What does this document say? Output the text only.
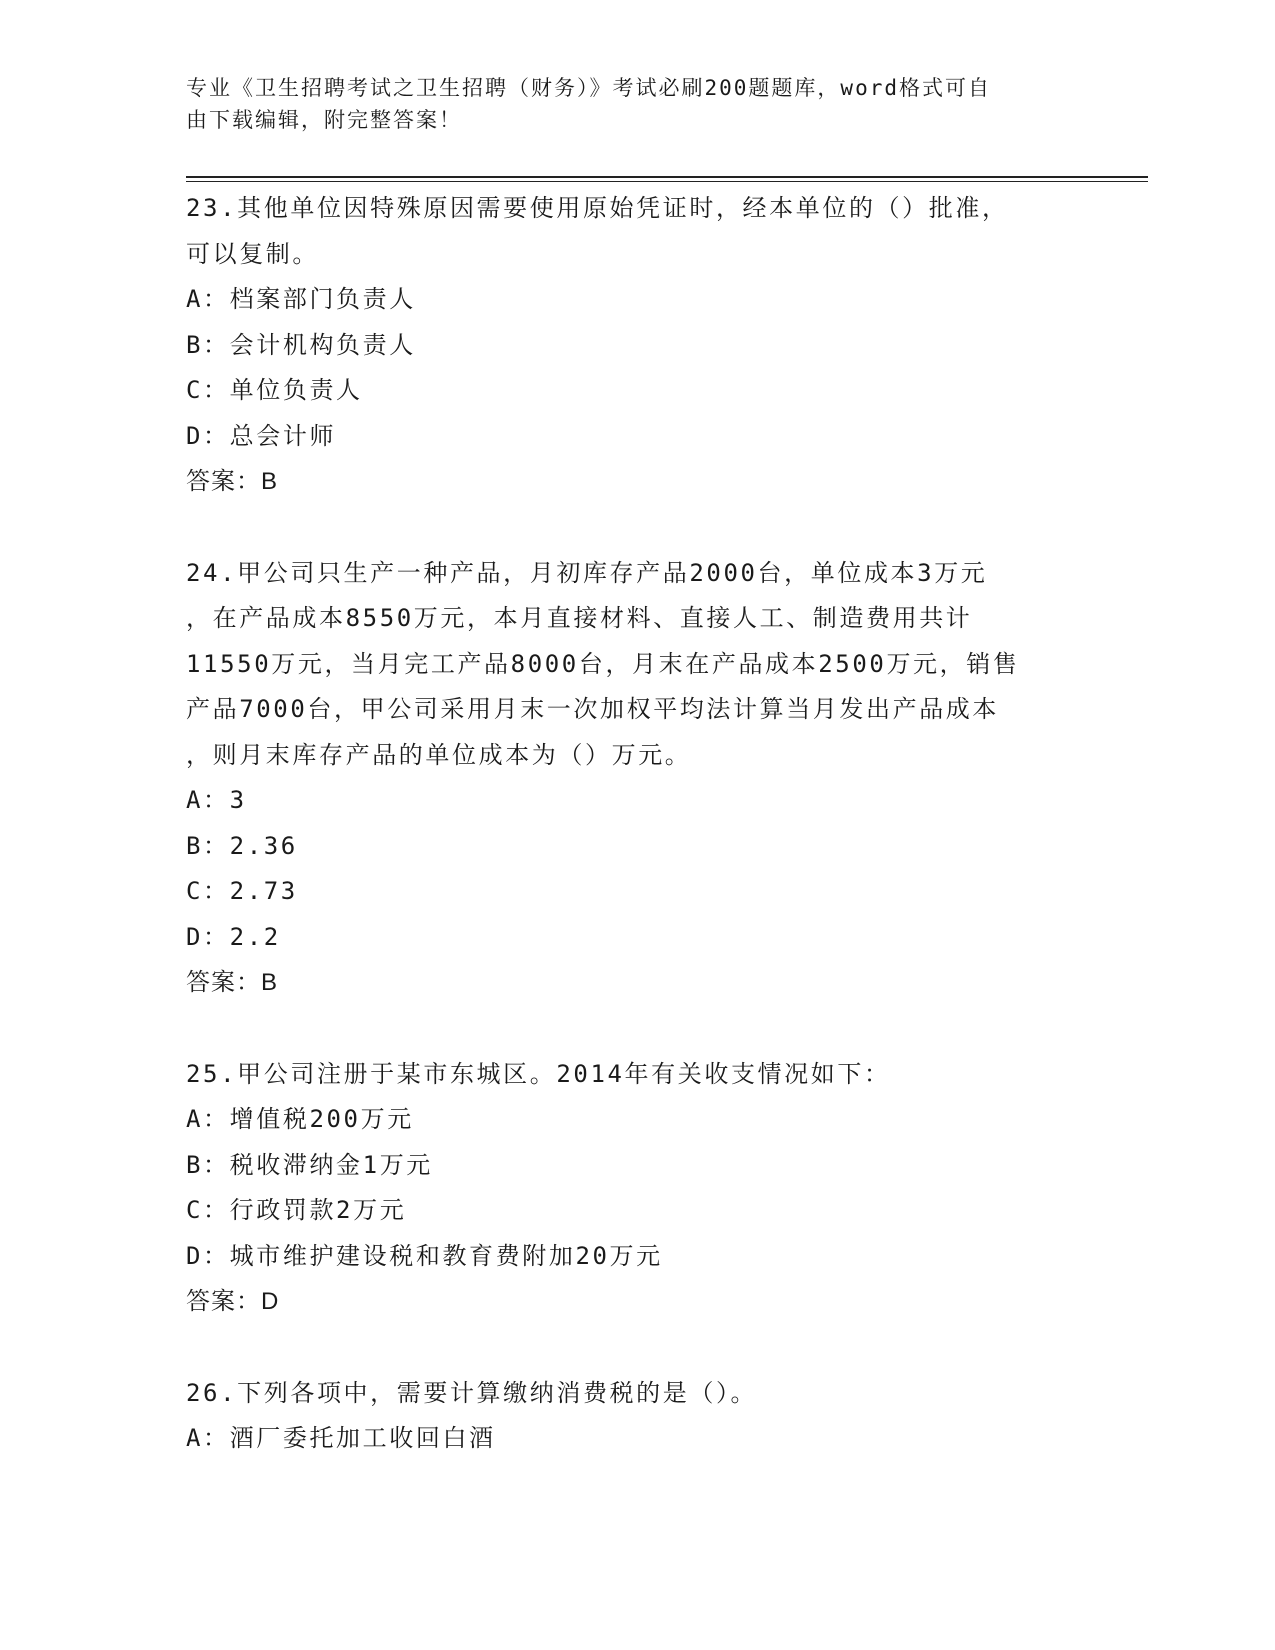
专业《卫生招聘考试之卫生招聘（财务）》考试必刷200题题库，word格式可自
由下载编辑，附完整答案！

23.其他单位因特殊原因需要使用原始凭证时，经本单位的（）批准，

可以复制。

A：档案部门负责人

B：会计机构负责人

C：单位负责人

D：总会计师

答案：B

24.甲公司只生产一种产品，月初库存产品2000台，单位成本3万元

，在产品成本8550万元，本月直接材料、直接人工、制造费用共计

11550万元，当月完工产品8000台，月末在产品成本2500万元，销售

产品7000台，甲公司采用月末一次加权平均法计算当月发出产品成本

，则月末库存产品的单位成本为（）万元。

A：3

B：2.36

C：2.73

D：2.2

答案：B

25.甲公司注册于某市东城区。2014年有关收支情况如下：

A：增值税200万元

B：税收滞纳金1万元

C：行政罚款2万元

D：城市维护建设税和教育费附加20万元

答案：D

26.下列各项中，需要计算缴纳消费税的是（）。

A：酒厂委托加工收回白酒
